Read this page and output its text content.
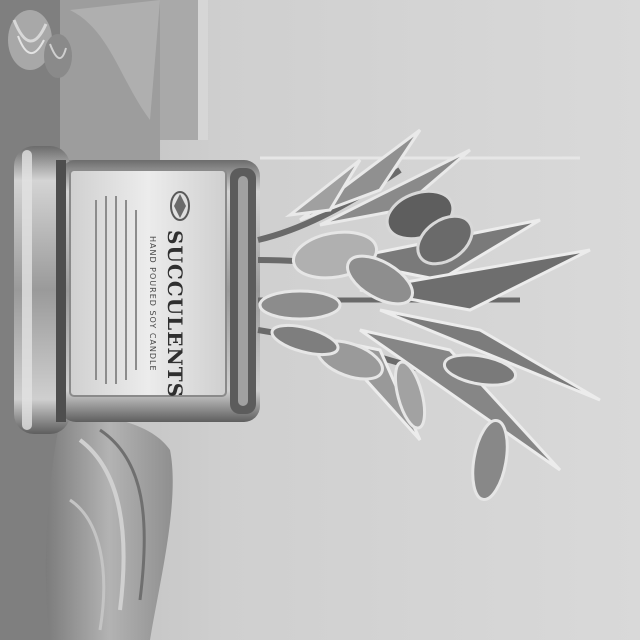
SUCCULENTS
HAND POURED SOY CANDLE
